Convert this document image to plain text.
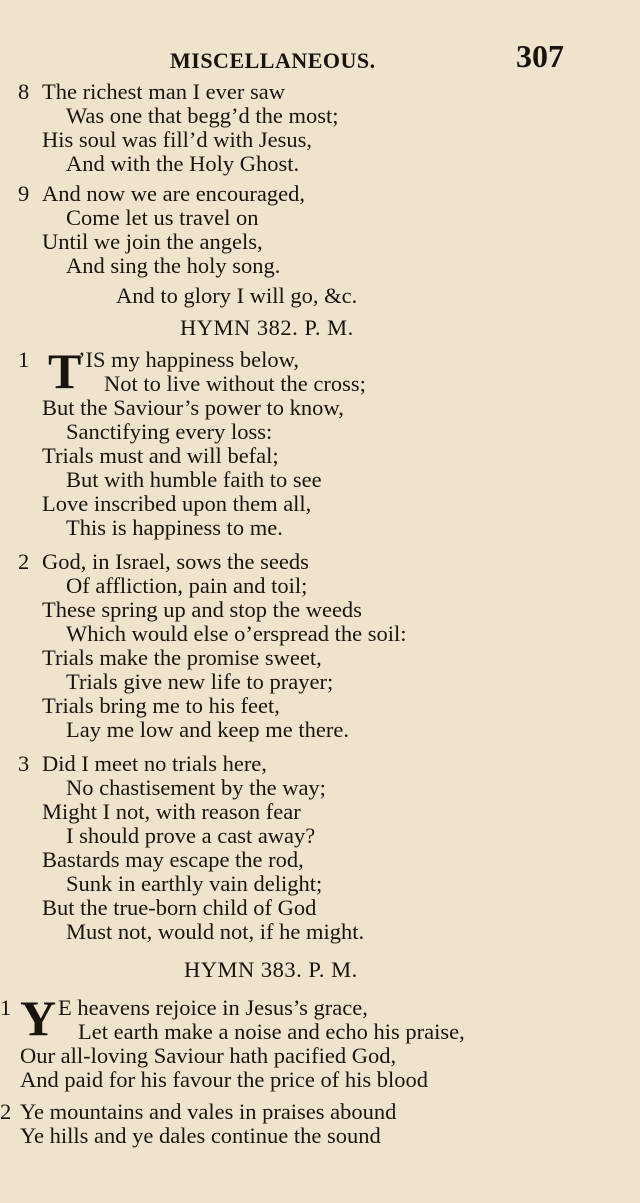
MISCELLANEOUS.	307
8 The richest man I ever saw
Was one that begg’d the most;
His soul was fill’d with Jesus,
And with the Holy Ghost.
9 And now we are encouraged,
Come let us travel on
Until we join the angels,
And sing the holy song.
And to glory I will go, &c.
HYMN 382. P. M.
1 T
’IS my happiness below,
Not to live without the cross;
But the Saviour’s power to know,
Sanctifying every loss:
Trials must and will befal;
But with humble faith to see
Love inscribed upon them all,
This is happiness to me.
2 God, in Israel, sows the seeds
Of affliction, pain and toil;
These spring up and stop the weeds
Which would else o’erspread the soil:
Trials make the promise sweet,
Trials give new life to prayer;
Trials bring me to his feet,
Lay me low and keep me there.
3 Did I meet no trials here,
No chastisement by the way;
Might I not, with reason fear
I should prove a cast away?
Bastards may escape the rod,
Sunk in earthly vain delight;
But the true-born child of God
Must not, would not, if he might.
HYMN 383. P. M.
1 Y E heavens rejoice in Jesus’s grace,
Let earth make a noise and echo his praise,
Our all-loving Saviour hath pacified God,
And paid for his favour the price of his blood
2 Ye mountains and vales in praises abound
Ye hills and ye dales continue the sound
